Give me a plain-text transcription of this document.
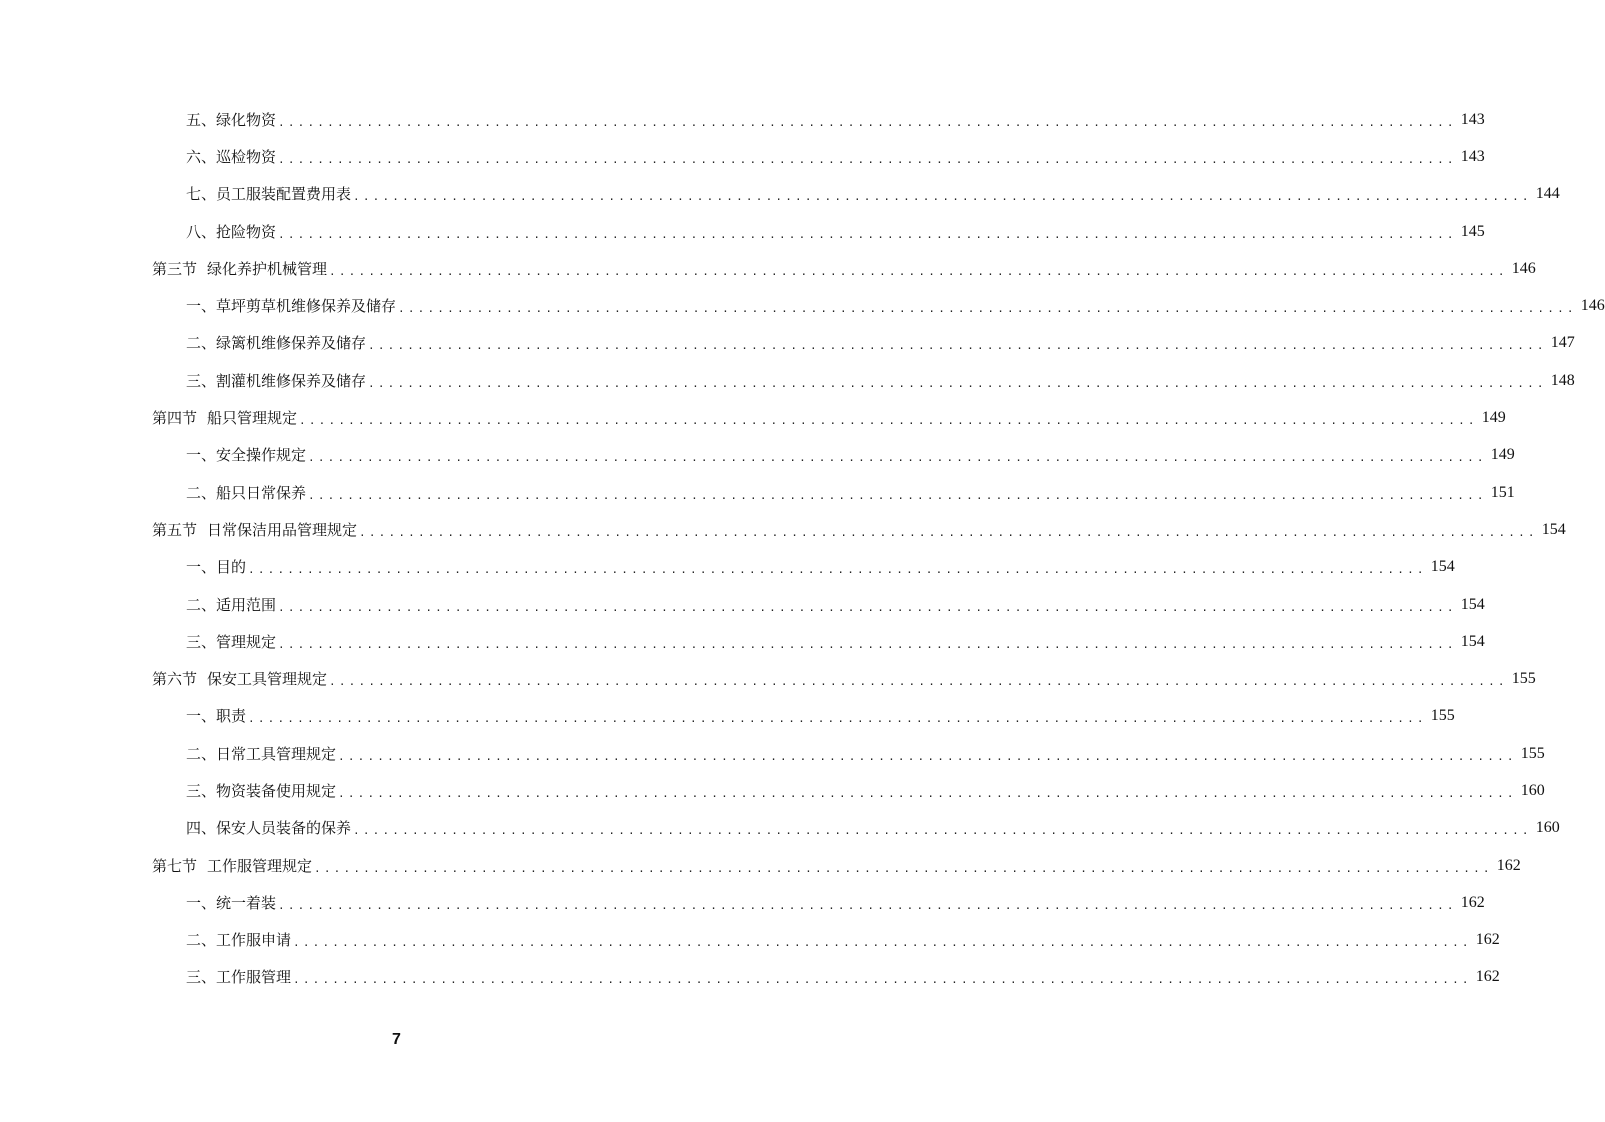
五、绿化物资 ........................................................................................................................ 143
六、巡检物资 ........................................................................................................................ 143
七、员工服装配置费用表 ........................................................................................................................ 144
八、抢险物资 ........................................................................................................................ 145
第三节 绿化养护机械管理 ........................................................................................................................ 146
一、草坪剪草机维修保养及储存 ........................................................................................................................ 146
二、绿篱机维修保养及储存 ........................................................................................................................ 147
三、割灌机维修保养及储存 ........................................................................................................................ 148
第四节 船只管理规定 ........................................................................................................................ 149
一、安全操作规定 ........................................................................................................................ 149
二、船只日常保养 ........................................................................................................................ 151
第五节 日常保洁用品管理规定 ........................................................................................................................ 154
一、目的 ........................................................................................................................ 154
二、适用范围 ........................................................................................................................ 154
三、管理规定 ........................................................................................................................ 154
第六节 保安工具管理规定 ........................................................................................................................ 155
一、职责 ........................................................................................................................ 155
二、日常工具管理规定 ........................................................................................................................ 155
三、物资装备使用规定 ........................................................................................................................ 160
四、保安人员装备的保养 ........................................................................................................................ 160
第七节 工作服管理规定 ........................................................................................................................ 162
一、统一着装 ........................................................................................................................ 162
二、工作服申请 ........................................................................................................................ 162
三、工作服管理 ........................................................................................................................ 162
7
